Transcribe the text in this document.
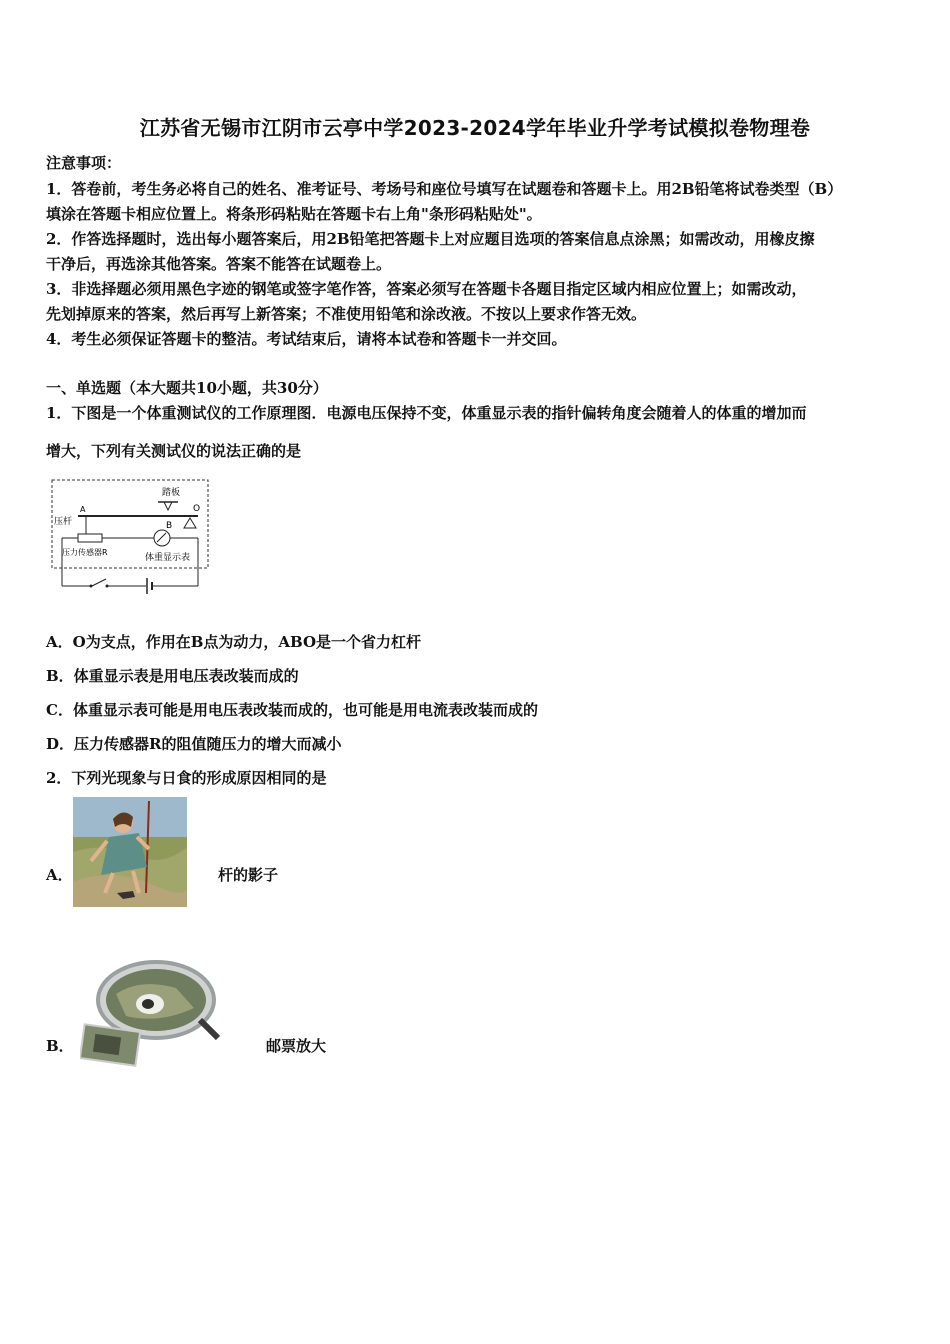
江苏省无锡市江阴市云亭中学2023-2024学年毕业升学考试模拟卷物理卷
注意事项：
1．答卷前，考生务必将自己的姓名、准考证号、考场号和座位号填写在试题卷和答题卡上。用2B铅笔将试卷类型（B）
填涂在答题卡相应位置上。将条形码粘贴在答题卡右上角"条形码粘贴处"。
2．作答选择题时，选出每小题答案后，用2B铅笔把答题卡上对应题目选项的答案信息点涂黑；如需改动，用橡皮擦
干净后，再选涂其他答案。答案不能答在试题卷上。
3．非选择题必须用黑色字迹的钢笔或签字笔作答，答案必须写在答题卡各题目指定区域内相应位置上；如需改动，
先划掉原来的答案，然后再写上新答案；不准使用铅笔和涂改液。不按以上要求作答无效。
4．考生必须保证答题卡的整洁。考试结束后，请将本试卷和答题卡一并交回。
一、单选题（本大题共10小题，共30分）
1．下图是一个体重测试仪的工作原理图．电源电压保持不变，体重显示表的指针偏转角度会随着人的体重的增加而
增大，下列有关测试仪的说法正确的是
踏板
A	O
B
压杆
压力传感器R
体重显示表
A．O为支点，作用在B点为动力，ABO是一个省力杠杆
B．体重显示表是用电压表改装而成的
C．体重显示表可能是用电压表改装而成的，也可能是用电流表改装而成的
D．压力传感器R的阻值随压力的增大而减小
2．下列光现象与日食的形成原因相同的是
A．	杆的影子
B．	邮票放大
